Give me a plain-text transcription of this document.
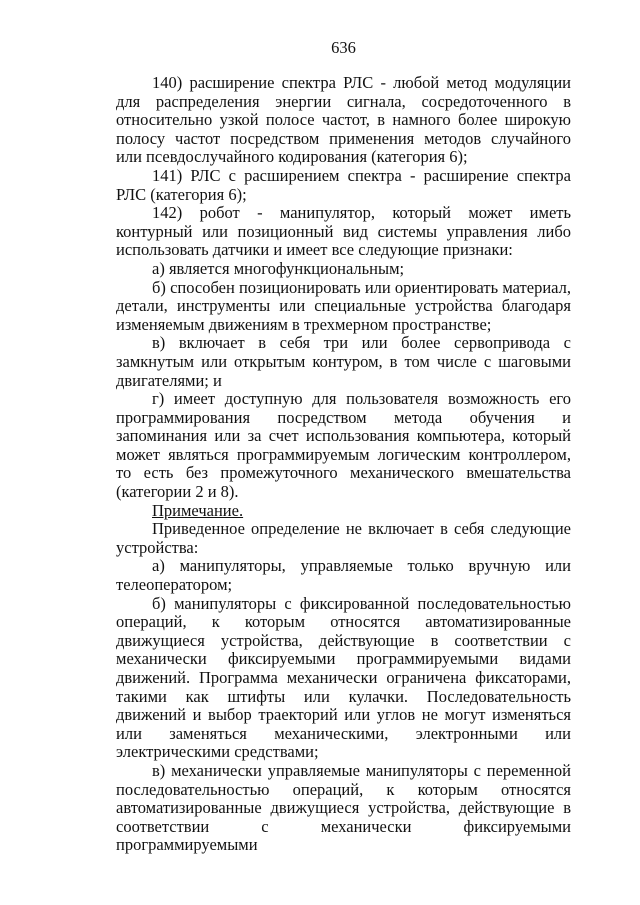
636

140) расширение спектра РЛС - любой метод модуляции для распределения энергии сигнала, сосредоточенного в относительно узкой полосе частот, в намного более широкую полосу частот посредством применения методов случайного или псевдослучайного кодирования (категория 6);

141) РЛС с расширением спектра - расширение спектра РЛС (категория 6);

142) робот - манипулятор, который может иметь контурный или позиционный вид системы управления либо использовать датчики и имеет все следующие признаки:

а) является многофункциональным;

б) способен позиционировать или ориентировать материал, детали, инструменты или специальные устройства благодаря изменяемым движениям в трехмерном пространстве;

в) включает в себя три или более сервопривода с замкнутым или открытым контуром, в том числе с шаговыми двигателями; и

г) имеет доступную для пользователя возможность его программирования посредством метода обучения и запоминания или за счет использования компьютера, который может являться программируемым логическим контроллером, то есть без промежуточного механического вмешательства (категории 2 и 8).

Примечание.

Приведенное определение не включает в себя следующие устройства:

а) манипуляторы, управляемые только вручную или телеоператором;

б) манипуляторы с фиксированной последовательностью операций, к которым относятся автоматизированные движущиеся устройства, действующие в соответствии с механически фиксируемыми программируемыми видами движений. Программа механически ограничена фиксаторами, такими как штифты или кулачки. Последовательность движений и выбор траекторий или углов не могут изменяться или заменяться механическими, электронными или электрическими средствами;

в) механически управляемые манипуляторы с переменной последовательностью операций, к которым относятся автоматизированные движущиеся устройства, действующие в соответствии с механически фиксируемыми программируемыми
